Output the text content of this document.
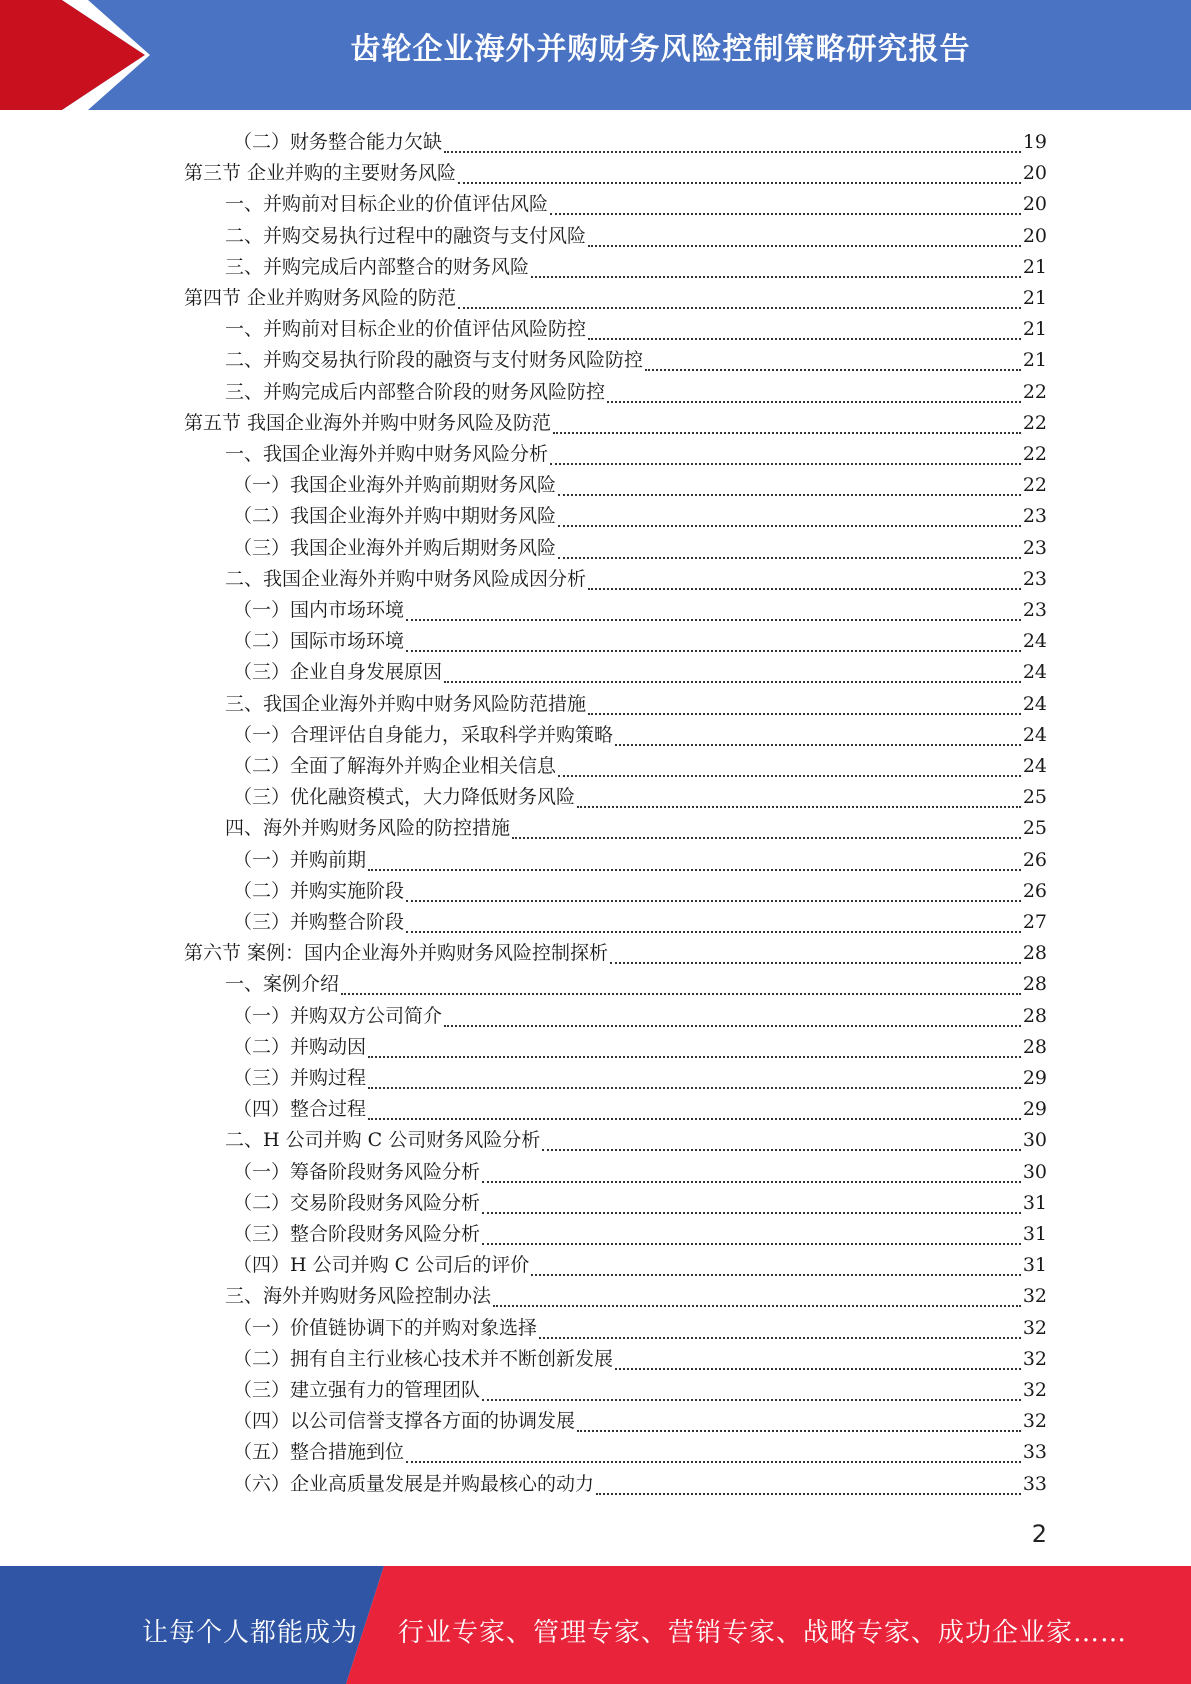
齿轮企业海外并购财务风险控制策略研究报告
（二）财务整合能力欠缺	19
第三节 企业并购的主要财务风险	20
一、并购前对目标企业的价值评估风险	20
二、并购交易执行过程中的融资与支付风险	20
三、并购完成后内部整合的财务风险	21
第四节 企业并购财务风险的防范	21
一、并购前对目标企业的价值评估风险防控	21
二、并购交易执行阶段的融资与支付财务风险防控	21
三、并购完成后内部整合阶段的财务风险防控	22
第五节 我国企业海外并购中财务风险及防范	22
一、我国企业海外并购中财务风险分析	22
（一）我国企业海外并购前期财务风险	22
（二）我国企业海外并购中期财务风险	23
（三）我国企业海外并购后期财务风险	23
二、我国企业海外并购中财务风险成因分析	23
（一）国内市场环境	23
（二）国际市场环境	24
（三）企业自身发展原因	24
三、我国企业海外并购中财务风险防范措施	24
（一）合理评估自身能力，采取科学并购策略	24
（二）全面了解海外并购企业相关信息	24
（三）优化融资模式，大力降低财务风险	25
四、海外并购财务风险的防控措施	25
（一）并购前期	26
（二）并购实施阶段	26
（三）并购整合阶段	27
第六节 案例：国内企业海外并购财务风险控制探析	28
一、案例介绍	28
（一）并购双方公司简介	28
（二）并购动因	28
（三）并购过程	29
（四）整合过程	29
二、H 公司并购 C 公司财务风险分析	30
（一）筹备阶段财务风险分析	30
（二）交易阶段财务风险分析	31
（三）整合阶段财务风险分析	31
（四）H 公司并购 C 公司后的评价	31
三、海外并购财务风险控制办法	32
（一）价值链协调下的并购对象选择	32
（二）拥有自主行业核心技术并不断创新发展	32
（三）建立强有力的管理团队	32
（四）以公司信誉支撑各方面的协调发展	32
（五）整合措施到位	33
（六）企业高质量发展是并购最核心的动力	33
2
让每个人都能成为 行业专家、管理专家、营销专家、战略专家、成功企业家……
